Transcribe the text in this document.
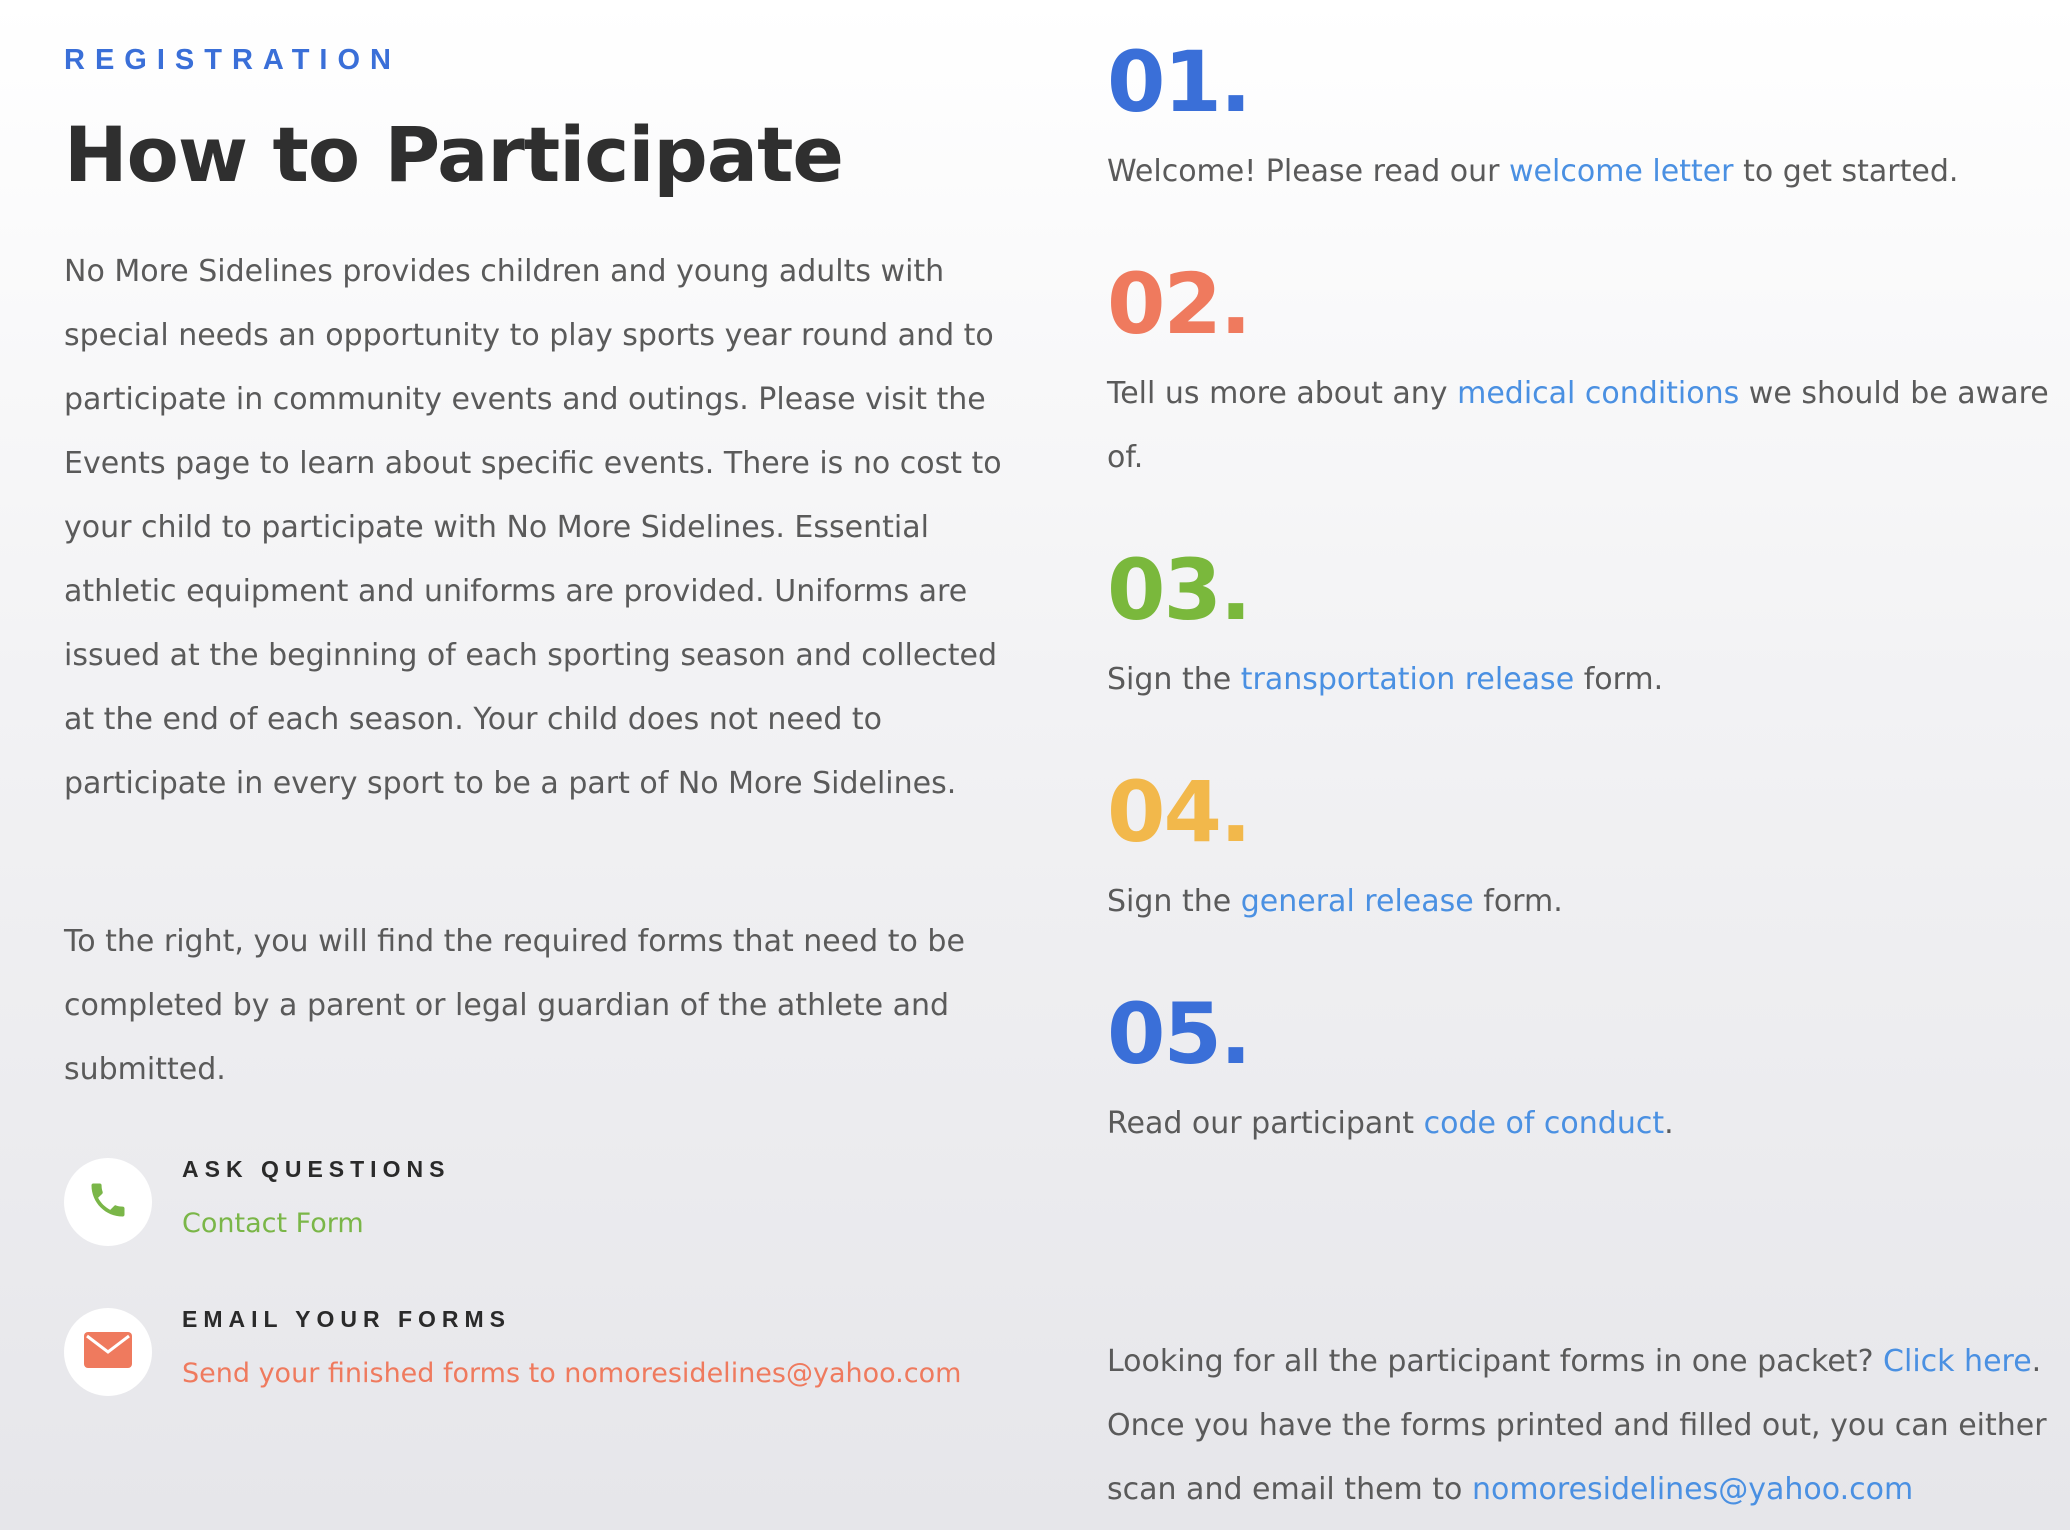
REGISTRATION
How to Participate

No More Sidelines provides children and young adults with special needs an opportunity to play sports year round and to participate in community events and outings. Please visit the Events page to learn about specific events. There is no cost to your child to participate with No More Sidelines. Essential athletic equipment and uniforms are provided. Uniforms are issued at the beginning of each sporting season and collected at the end of each season. Your child does not need to participate in every sport to be a part of No More Sidelines.

To the right, you will find the required forms that need to be completed by a parent or legal guardian of the athlete and submitted.

ASK QUESTIONS
Contact Form
EMAIL YOUR FORMS
Send your finished forms to nomoresidelines@yahoo.com
01.

Welcome! Please read our welcome letter to get started.

02.

Tell us more about any medical conditions we should be aware of.

03.

Sign the transportation release form.

04.

Sign the general release form.

05.

Read our participant code of conduct.

Looking for all the participant forms in one packet? Click here. Once you have the forms printed and filled out, you can either scan and email them to nomoresidelines@yahoo.com
